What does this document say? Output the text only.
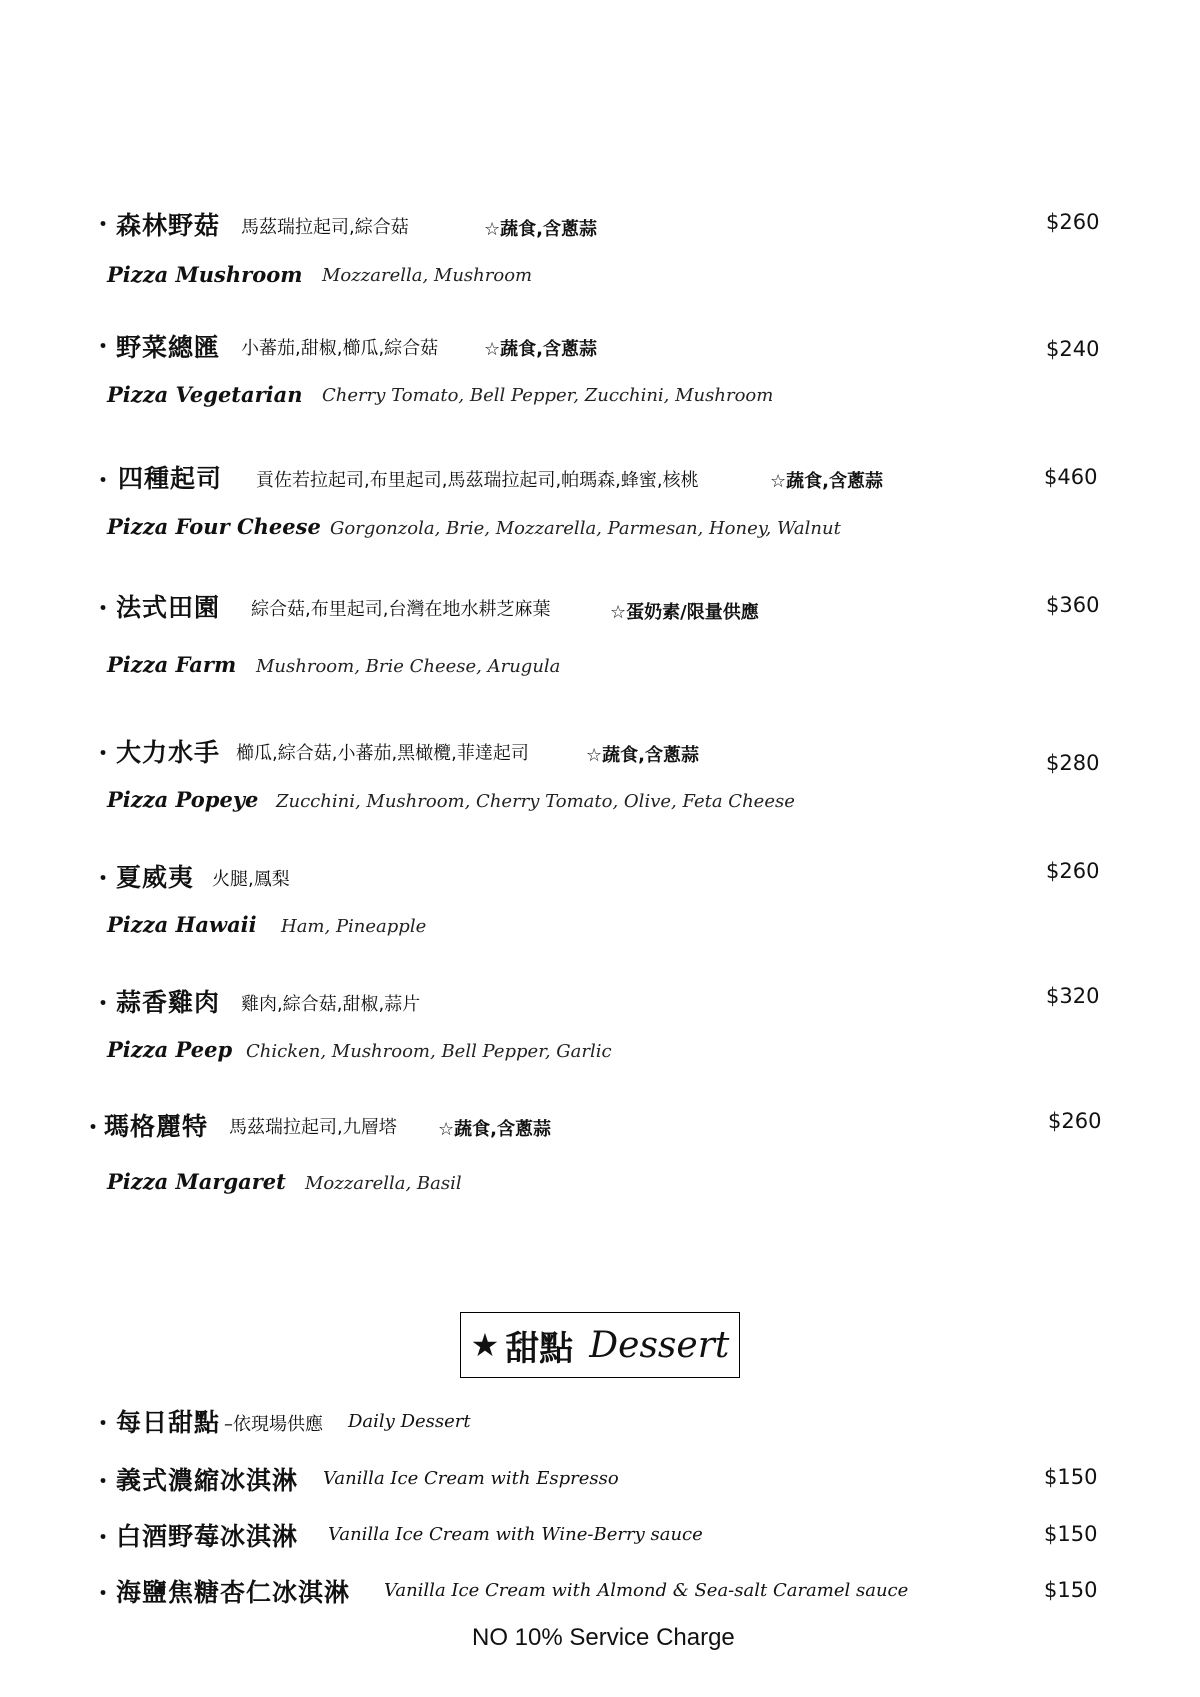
・ 森林野菇 馬茲瑞拉起司,綜合菇	☆蔬食,含蔥蒜	$260
Pizza Mushroom Mozzarella, Mushroom
・ 野菜總匯 小蕃茄,甜椒,櫛瓜,綜合菇	☆蔬食,含蔥蒜	$240
Pizza Vegetarian Cherry Tomato, Bell Pepper, Zucchini, Mushroom
・ 四種起司 貢佐若拉起司,布里起司,馬茲瑞拉起司,帕瑪森,蜂蜜,核桃	☆蔬食,含蔥蒜	$460
Pizza Four Cheese Gorgonzola, Brie, Mozzarella, Parmesan, Honey, Walnut
・ 法式田園 綜合菇,布里起司,台灣在地水耕芝麻葉	☆蛋奶素/限量供應	$360
Pizza Farm Mushroom, Brie Cheese, Arugula
・ 大力水手 櫛瓜,綜合菇,小蕃茄,黑橄欖,菲達起司	☆蔬食,含蔥蒜	$280
Pizza Popeye Zucchini, Mushroom, Cherry Tomato, Olive, Feta Cheese
・ 夏威夷 火腿,鳳梨	$260
Pizza Hawaii Ham, Pineapple
・ 蒜香雞肉 雞肉,綜合菇,甜椒,蒜片	$320
Pizza Peep Chicken, Mushroom, Bell Pepper, Garlic
・ 瑪格麗特 馬茲瑞拉起司,九層塔 ☆蔬食,含蔥蒜	$260
Pizza Margaret Mozzarella, Basil
★ 甜點 Dessert
・ 每日甜點 –依現場供應 Daily Dessert
・ 義式濃縮冰淇淋 Vanilla Ice Cream with Espresso	$150
・ 白酒野莓冰淇淋 Vanilla Ice Cream with Wine-Berry sauce	$150
・ 海鹽焦糖杏仁冰淇淋 Vanilla Ice Cream with Almond & Sea-salt Caramel sauce	$150
NO 10% Service Charge
